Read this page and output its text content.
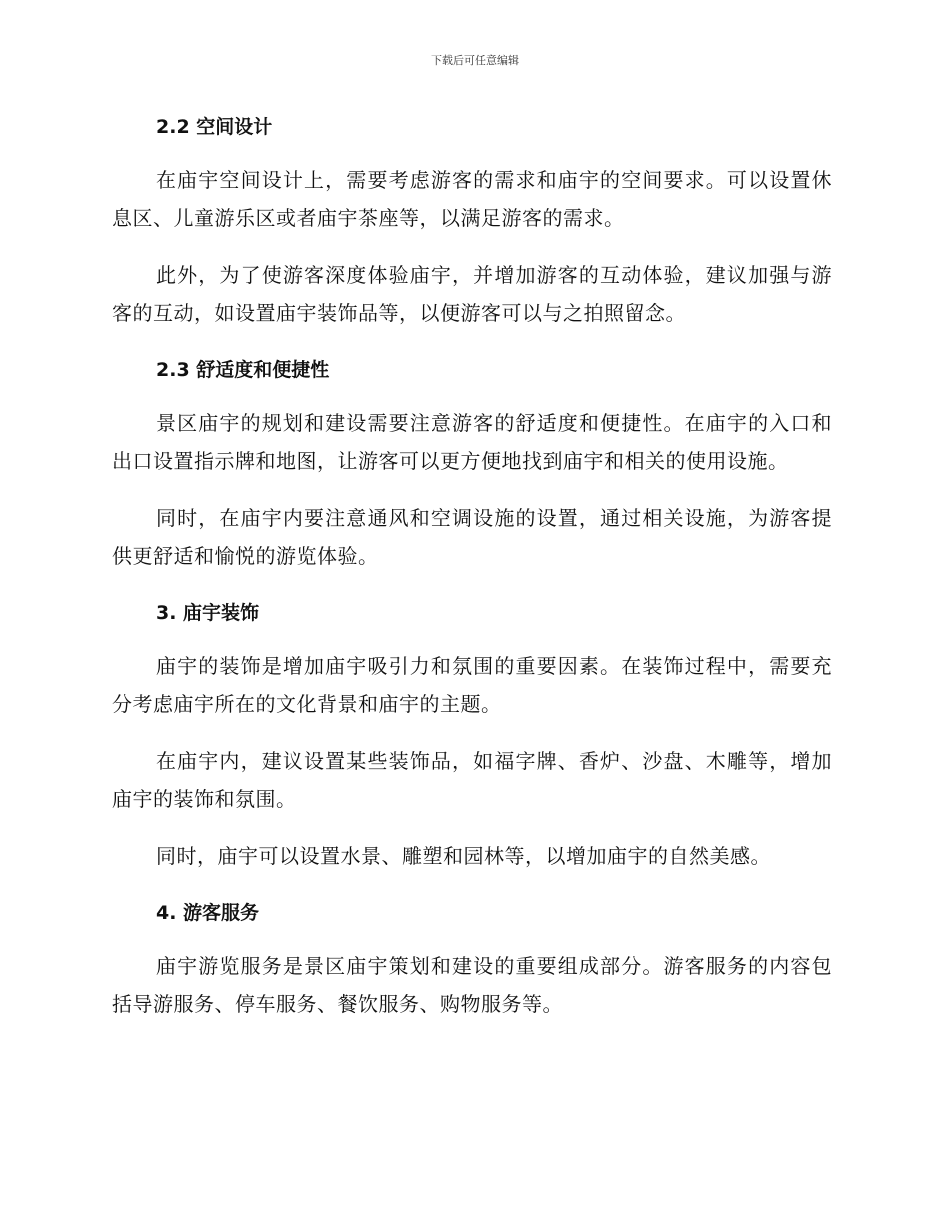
下载后可任意编辑
2.2 空间设计

在庙宇空间设计上，需要考虑游客的需求和庙宇的空间要求。可以设置休息区、儿童游乐区或者庙宇茶座等，以满足游客的需求。

此外，为了使游客深度体验庙宇，并增加游客的互动体验，建议加强与游客的互动，如设置庙宇装饰品等，以便游客可以与之拍照留念。

2.3 舒适度和便捷性

景区庙宇的规划和建设需要注意游客的舒适度和便捷性。在庙宇的入口和出口设置指示牌和地图，让游客可以更方便地找到庙宇和相关的使用设施。

同时，在庙宇内要注意通风和空调设施的设置，通过相关设施，为游客提供更舒适和愉悦的游览体验。

3. 庙宇装饰

庙宇的装饰是增加庙宇吸引力和氛围的重要因素。在装饰过程中，需要充分考虑庙宇所在的文化背景和庙宇的主题。

在庙宇内，建议设置某些装饰品，如福字牌、香炉、沙盘、木雕等，增加庙宇的装饰和氛围。

同时，庙宇可以设置水景、雕塑和园林等，以增加庙宇的自然美感。

4. 游客服务

庙宇游览服务是景区庙宇策划和建设的重要组成部分。游客服务的内容包括导游服务、停车服务、餐饮服务、购物服务等。
